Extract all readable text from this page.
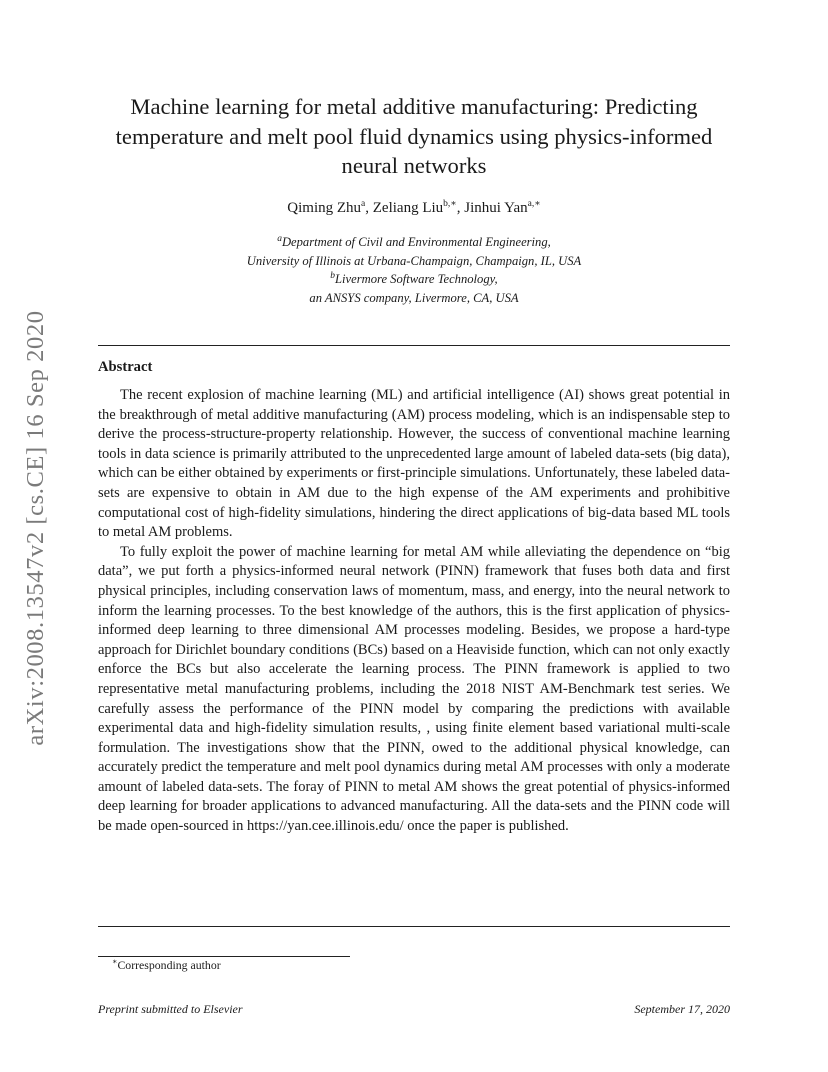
arXiv:2008.13547v2 [cs.CE] 16 Sep 2020
Machine learning for metal additive manufacturing: Predicting temperature and melt pool fluid dynamics using physics-informed neural networks
Qiming Zhu$^a$, Zeliang Liu$^{b,∗}$, Jinhui Yan$^{a,∗}$
$^a$Department of Civil and Environmental Engineering,
University of Illinois at Urbana-Champaign, Champaign, IL, USA
$^b$Livermore Software Technology,
an ANSYS company, Livermore, CA, USA
Abstract

The recent explosion of machine learning (ML) and artificial intelligence (AI) shows great potential in the breakthrough of metal additive manufacturing (AM) process modeling, which is an indispensable step to derive the process-structure-property relationship. However, the success of conventional machine learning tools in data science is primarily attributed to the unprecedented large amount of labeled data-sets (big data), which can be either obtained by experiments or first-principle simulations. Unfortunately, these labeled data-sets are expensive to obtain in AM due to the high expense of the AM experiments and prohibitive computational cost of high-fidelity simulations, hindering the direct applications of big-data based ML tools to metal AM problems.

To fully exploit the power of machine learning for metal AM while alleviating the dependence on “big data”, we put forth a physics-informed neural network (PINN) framework that fuses both data and first physical principles, including conservation laws of momentum, mass, and energy, into the neural network to inform the learning processes. To the best knowledge of the authors, this is the first application of physics-informed deep learning to three dimensional AM processes modeling. Besides, we propose a hard-type approach for Dirichlet boundary conditions (BCs) based on a Heaviside function, which can not only exactly enforce the BCs but also accelerate the learning process. The PINN framework is applied to two representative metal manufacturing problems, including the 2018 NIST AM-Benchmark test series. We carefully assess the performance of the PINN model by comparing the predictions with available experimental data and high-fidelity simulation results, , using finite element based variational multi-scale formulation. The investigations show that the PINN, owed to the additional physical knowledge, can accurately predict the temperature and melt pool dynamics during metal AM processes with only a moderate amount of labeled data-sets. The foray of PINN to metal AM shows the great potential of physics-informed deep learning for broader applications to advanced manufacturing. All the data-sets and the PINN code will be made open-sourced in https://yan.cee.illinois.edu/ once the paper is published.

∗Corresponding author
Preprint submitted to Elsevier	September 17, 2020
